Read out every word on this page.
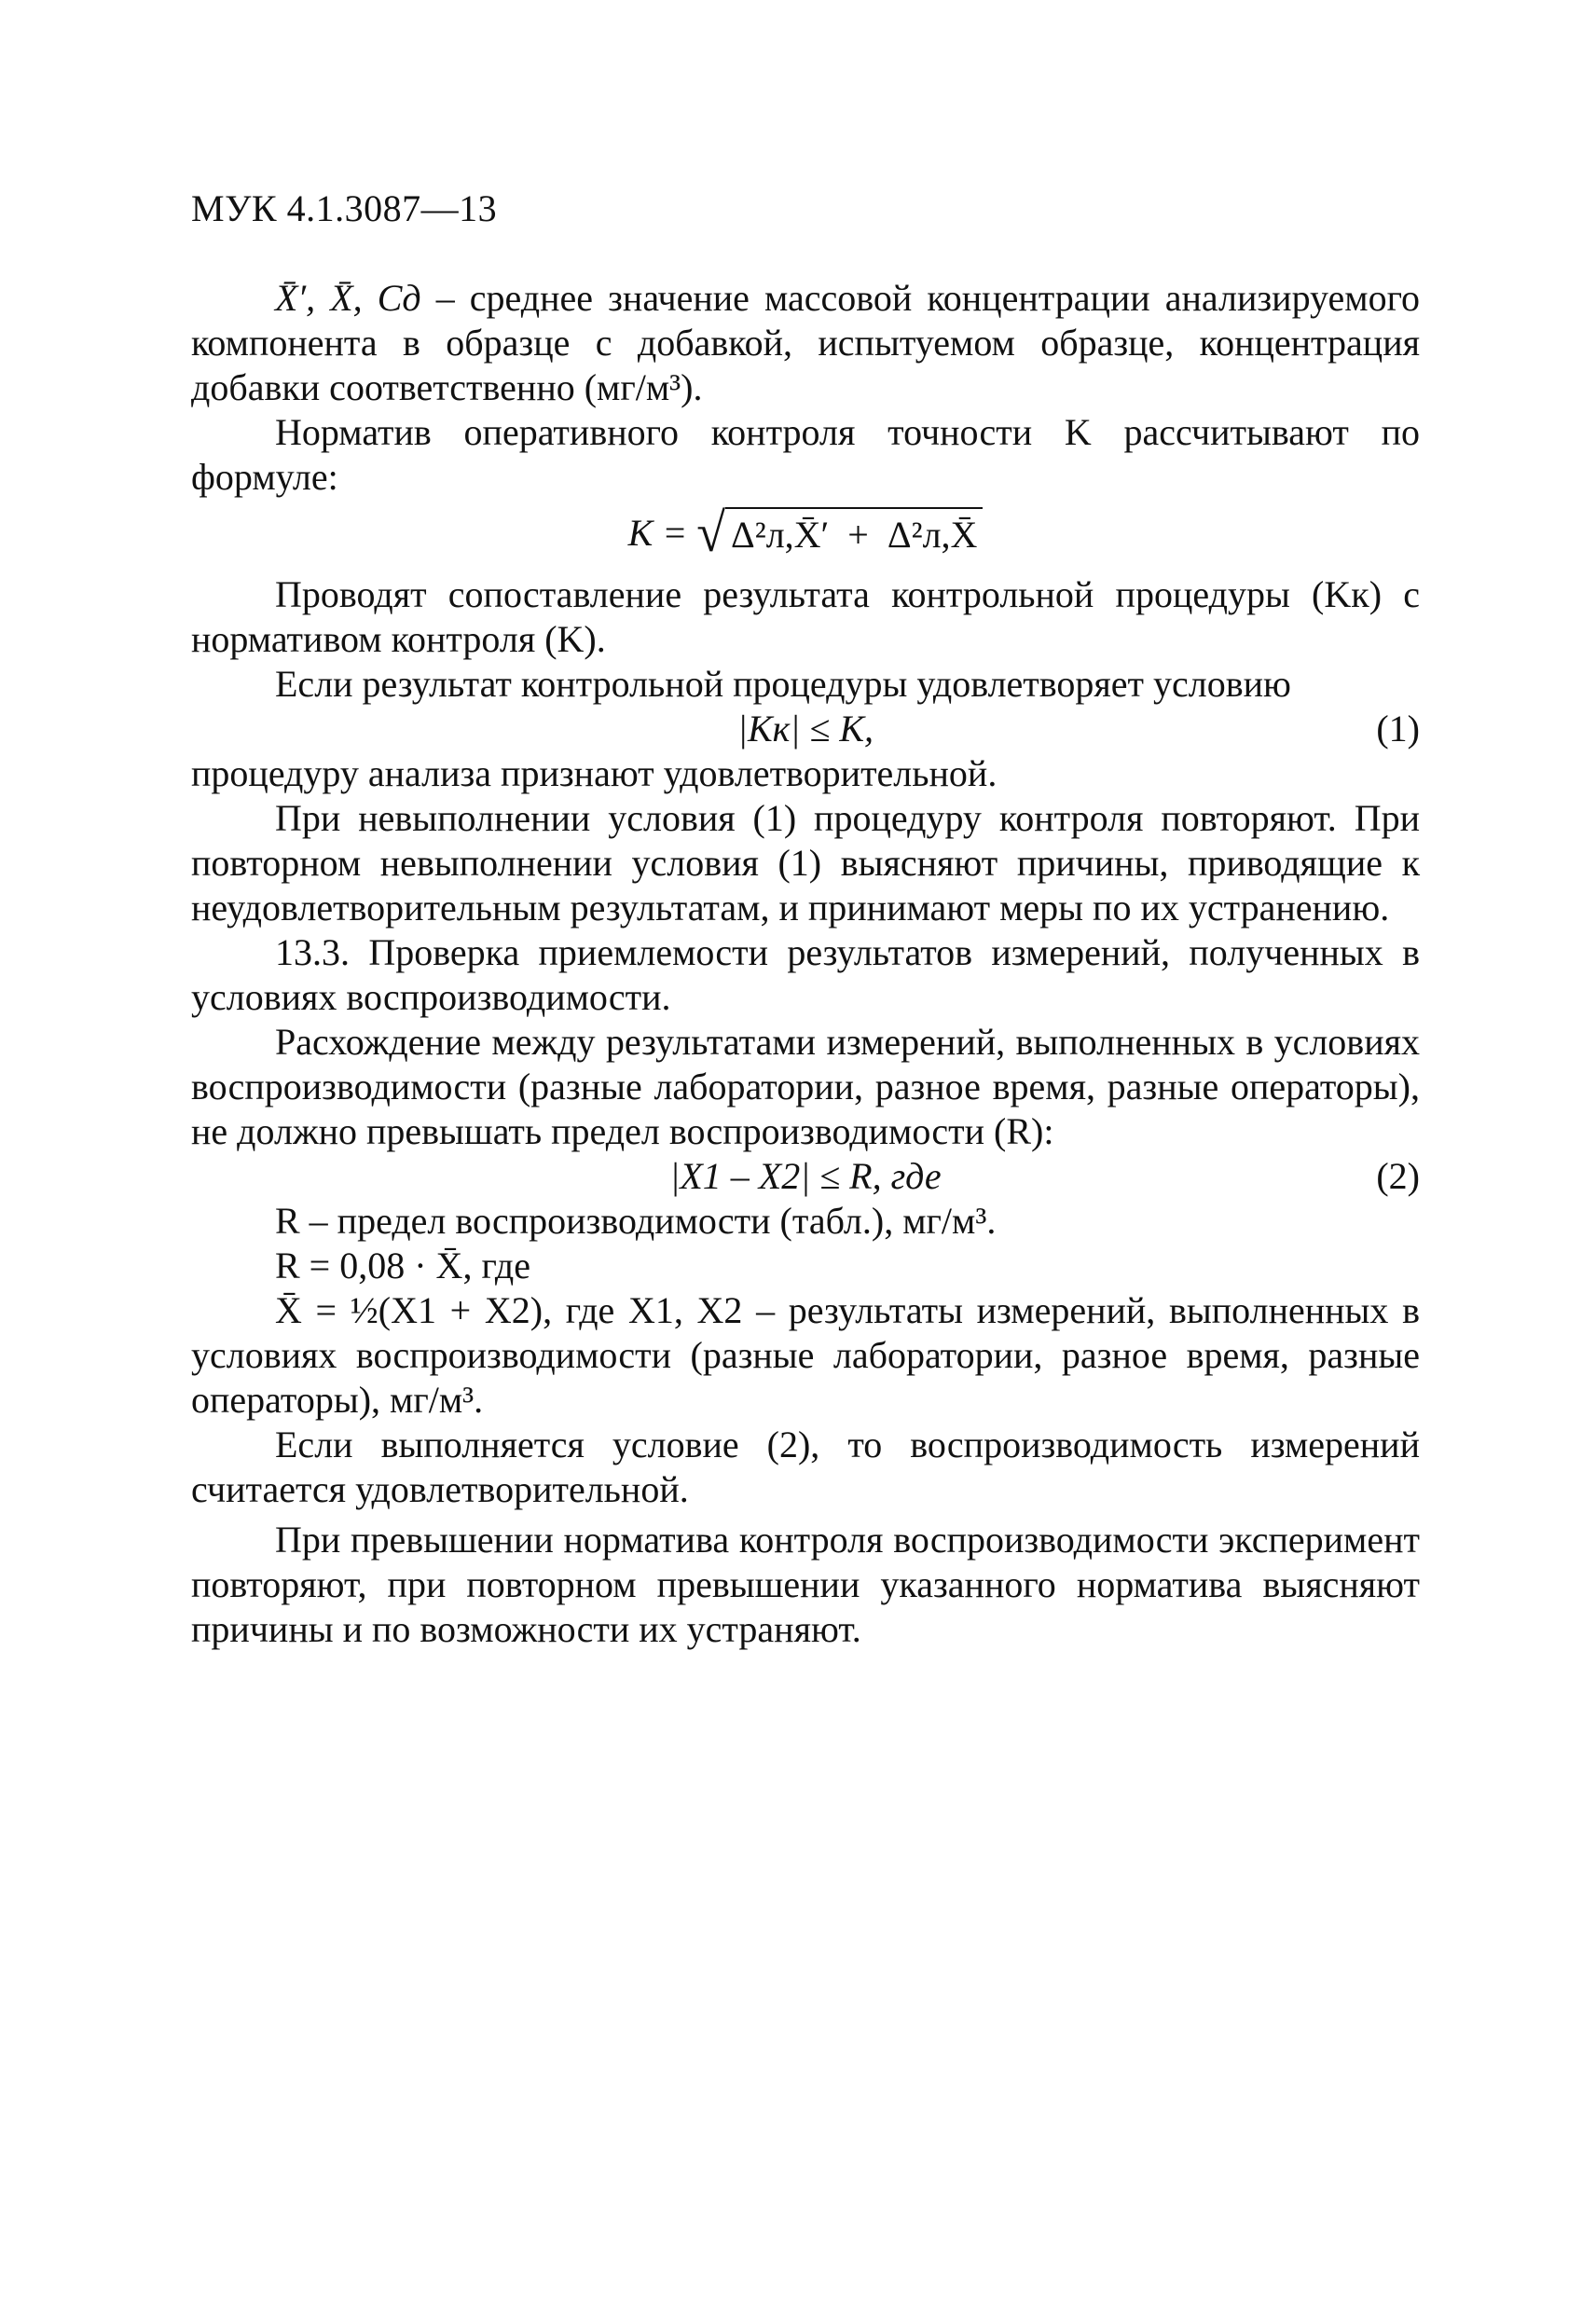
МУК 4.1.3087—13

X̄′, X̄, Cд – среднее значение массовой концентрации анализируемого компонента в образце с добавкой, испытуемом образце, концентрация добавки соответственно (мг/м³).

Норматив оперативного контроля точности K рассчитывают по формуле:

K = √ Δ²л,X̄′ + Δ²л,X̄

Проводят сопоставление результата контрольной процедуры (Kк) с нормативом контроля (K).

Если результат контрольной процедуры удовлетворяет условию

|Kк| ≤ K,	(1)

процедуру анализа признают удовлетворительной.

При невыполнении условия (1) процедуру контроля повторяют. При повторном невыполнении условия (1) выясняют причины, приводящие к неудовлетворительным результатам, и принимают меры по их устранению.

13.3. Проверка приемлемости результатов измерений, полученных в условиях воспроизводимости.

Расхождение между результатами измерений, выполненных в условиях воспроизводимости (разные лаборатории, разное время, разные операторы), не должно превышать предел воспроизводимости (R):

|X1 – X2| ≤ R, где	(2)

R – предел воспроизводимости (табл.), мг/м³.

R = 0,08 · X̄, где

X̄ = ½(X1 + X2), где X1, X2 – результаты измерений, выполненных в условиях воспроизводимости (разные лаборатории, разное время, разные операторы), мг/м³.

Если выполняется условие (2), то воспроизводимость измерений считается удовлетворительной.

При превышении норматива контроля воспроизводимости эксперимент повторяют, при повторном превышении указанного норматива выясняют причины и по возможности их устраняют.
